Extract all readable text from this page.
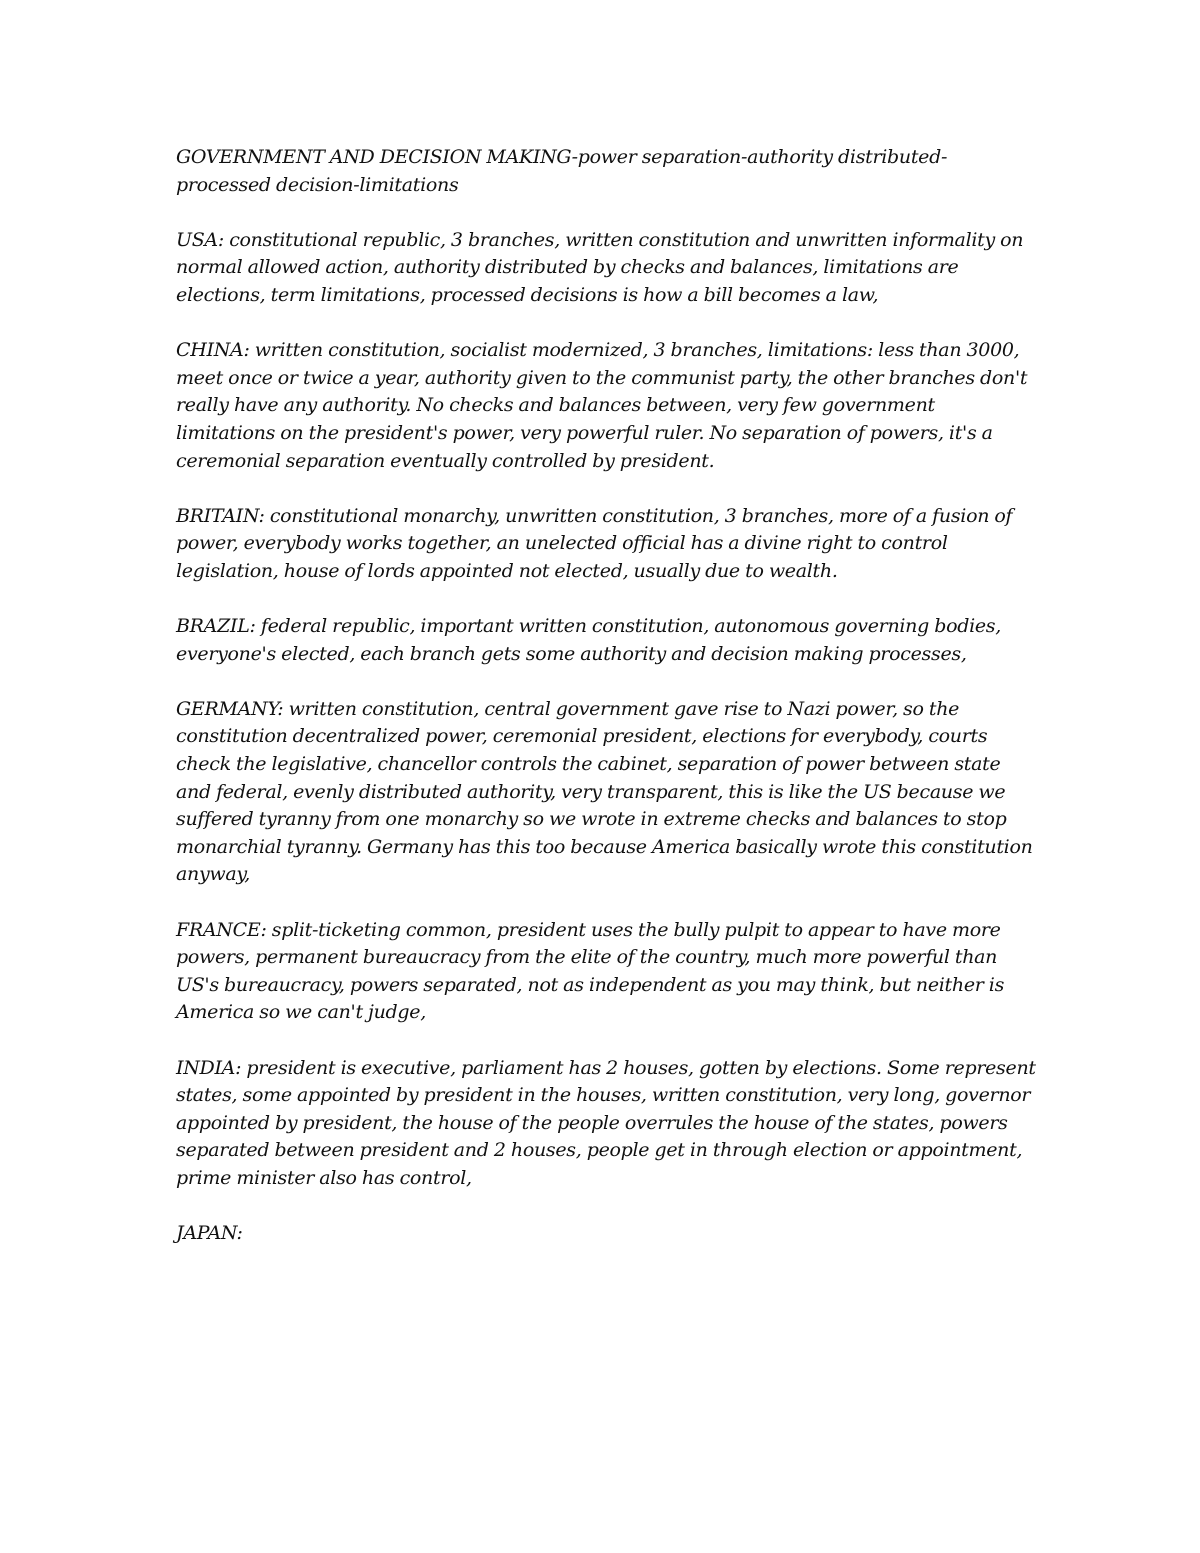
GOVERNMENT AND DECISION MAKING-power separation-authority distributed-processed decision-limitations

USA: constitutional republic, 3 branches, written constitution and unwritten informality on normal allowed action, authority distributed by checks and balances, limitations are elections, term limitations, processed decisions is how a bill becomes a law,

CHINA: written constitution, socialist modernized, 3 branches, limitations: less than 3000, meet once or twice a year, authority given to the communist party, the other branches don't really have any authority. No checks and balances between, very few government limitations on the president's power, very powerful ruler. No separation of powers, it's a ceremonial separation eventually controlled by president.

BRITAIN: constitutional monarchy, unwritten constitution, 3 branches, more of a fusion of power, everybody works together, an unelected official has a divine right to control legislation, house of lords appointed not elected, usually due to wealth.

BRAZIL: federal republic, important written constitution, autonomous governing bodies, everyone's elected, each branch gets some authority and decision making processes,

GERMANY: written constitution, central government gave rise to Nazi power, so the constitution decentralized power, ceremonial president, elections for everybody, courts check the legislative, chancellor controls the cabinet, separation of power between state and federal, evenly distributed authority, very transparent, this is like the US because we suffered tyranny from one monarchy so we wrote in extreme checks and balances to stop monarchial tyranny. Germany has this too because America basically wrote this constitution anyway,

FRANCE: split-ticketing common, president uses the bully pulpit to appear to have more powers, permanent bureaucracy from the elite of the country, much more powerful than US's bureaucracy, powers separated, not as independent as you may think, but neither is America so we can't judge,

INDIA: president is executive, parliament has 2 houses, gotten by elections. Some represent states, some appointed by president in the houses, written constitution, very long, governor appointed by president, the house of the people overrules the house of the states, powers separated between president and 2 houses, people get in through election or appointment, prime minister also has control,

JAPAN:
